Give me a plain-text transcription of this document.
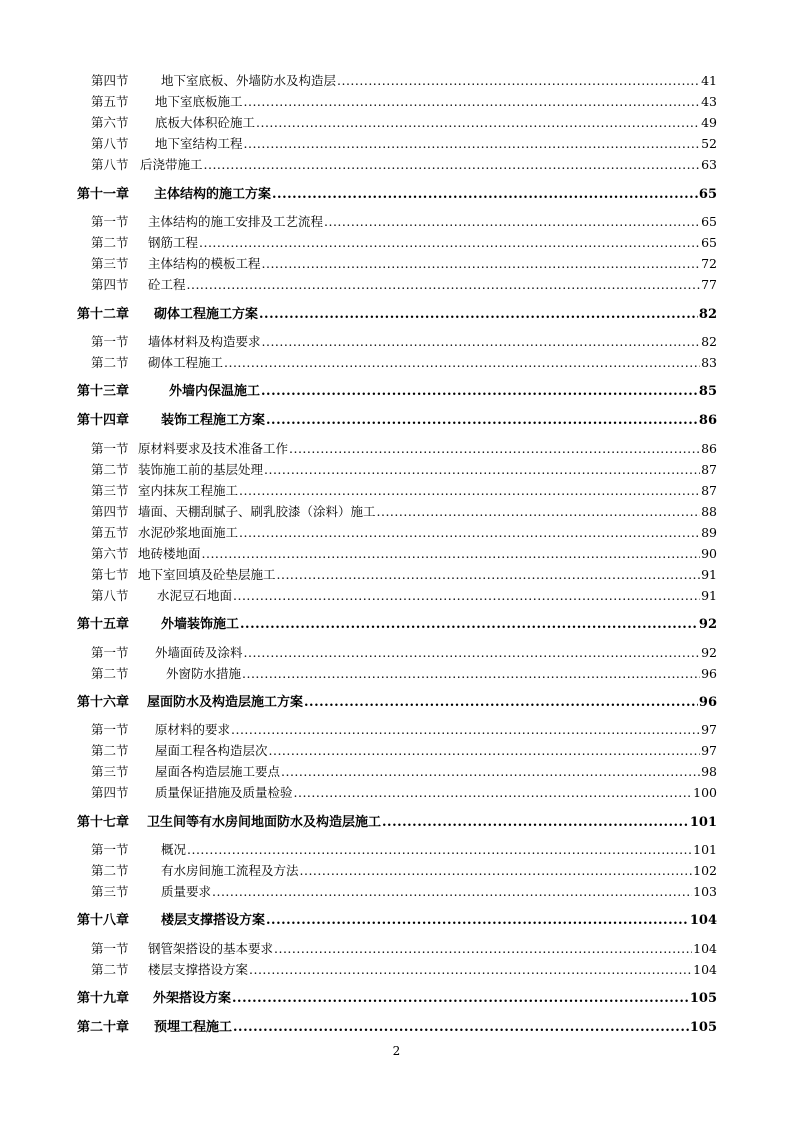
第四节	地下室底板、外墙防水及构造层 .....	41
第五节	地下室底板施工 .....	43
第六节	底板大体积砼施工 .....	49
第八节	地下室结构工程 .....	52
第八节 后浇带施工 .....	63
第十一章	主体结构的施工方案 .....	65
第一节	主体结构的施工安排及工艺流程 .....	65
第二节	钢筋工程 .....	65
第三节	主体结构的模板工程 .....	72
第四节	砼工程 .....	77
第十二章	砌体工程施工方案 .....	82
第一节	墙体材料及构造要求 .....	82
第二节	砌体工程施工 .....	83
第十三章	外墙内保温施工 .....	85
第十四章	装饰工程施工方案 .....	86
第一节 原材料要求及技术准备工作 .....	86
第二节 装饰施工前的基层处理 .....	87
第三节 室内抹灰工程施工 .....	87
第四节 墙面、天棚刮腻子、刷乳胶漆（涂料）施工 .....	88
第五节 水泥砂浆地面施工 .....	89
第六节 地砖楼地面 .....	90
第七节 地下室回填及砼垫层施工 .....	91
第八节	水泥豆石地面 .....	91
第十五章	外墙装饰施工 .....	92
第一节	外墙面砖及涂料 .....	92
第二节	外窗防水措施 .....	96
第十六章	屋面防水及构造层施工方案 .....	96
第一节	原材料的要求 .....	97
第二节	屋面工程各构造层次 .....	97
第三节	屋面各构造层施工要点 .....	98
第四节	质量保证措施及质量检验 .....	100
第十七章	卫生间等有水房间地面防水及构造层施工 .....	101
第一节	概况 .....	101
第二节	有水房间施工流程及方法 .....	102
第三节	质量要求 .....	103
第十八章	楼层支撑搭设方案 .....	104
第一节	钢管架搭设的基本要求 .....	104
第二节	楼层支撑搭设方案 .....	104
第十九章	外架搭设方案 .....	105
第二十章	预埋工程施工 .....	105
2
